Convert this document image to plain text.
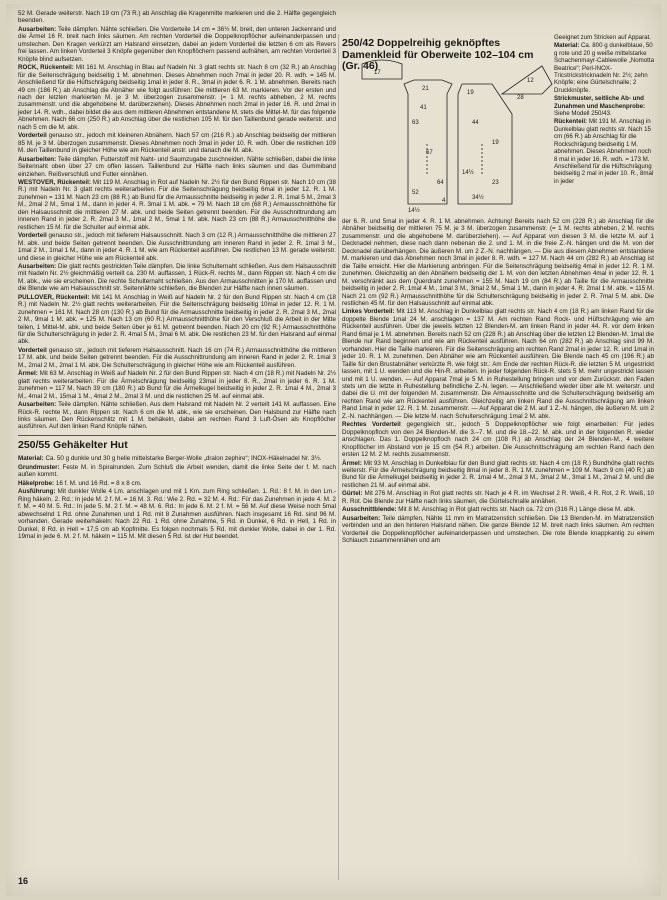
52 M. Gerade weiterstr. Nach 19 cm (73 R.) ab Anschlag die Kragenmitte markieren und die 2. Hälfte gegengleich beenden.

Ausarbeiten: Teile dämpfen. Nähte schließen. Die Vorderteile 14 cm = 36½ M. breit, den unteren Jackenrand und die Ärmel 16 R. breit nach links säumen. Am rechten Vorderteil die Doppelknopflöcher aufeinanderpassen und umstechen. Den Kragen verkürzt am Halsrand einsetzen, dabei an jedem Vorderteil die letzten 6 cm als Revers frei lassen. Am linken Vorderteil 3 Knöpfe gegenüber den Knopflöchern passend aufnähen, am rechten Vorderteil 3 Knöpfe blind aufsetzen.

ROCK, Rückenteil: Mit 161 M. Anschlag in Blau auf Nadeln Nr. 3 glatt rechts str. Nach 8 cm (32 R.) ab Anschlag für die Seitenschrägung beidseitig 1 M. abnehmen. Dieses Abnehmen noch 7mal in jeder 20. R. wdh. = 145 M. Anschließend für die Hüftschrägung beidseitig 1mal in jeder 8. R., 3mal in jeder 6. R. 1 M. abnehmen. Bereits nach 49 cm (186 R.) ab Anschlag die Abnäher wie folgt ausführen: Die mittleren 63 M. markieren. Vor der ersten und nach der letzten markierten M. je 3 M. überzogen zusammenstr. (= 1 M. rechts abheben, 2 M. rechts zusammenstr. und die abgehobene M. darüberziehen). Dieses Abnehmen noch 2mal in jeder 16. R. und 2mal in jeder 14. R. wdh., dabei bildet die aus dem mittleren Abnehmen entstandene M. stets die Mittel-M. für das folgende Abnehmen. Nach 66 cm (250 R.) ab Anschlag über die restlichen 105 M. für den Taillenbund gerade weiterstr. und nach 5 cm die M. abk.

Vorderteil genauso str., jedoch mit kleineren Abnähern. Nach 57 cm (216 R.) ab Anschlag beidseitig der mittleren 85 M. je 3 M. überzogen zusammenstr. Dieses Abnehmen noch 3mal in jeder 10. R. wdh. Über die restlichen 109 M. den Taillenbund in gleicher Höhe wie am Rückenteil anstr. und danach die M. abk.

Ausarbeiten: Teile dämpfen. Futterstoff mit Naht- und Saumzugabe zuschneiden. Nähte schließen, dabei die linke Seitennaht oben über 27 cm offen lassen. Taillenbund zur Hälfte nach links säumen und das Gummiband einziehen. Reißverschluß und Futter einnähen.

WESTOVER, Rückenteil: Mit 119 M. Anschlag in Rot auf Nadeln Nr. 2½ für den Bund Rippen str. Nach 10 cm (38 R.) mit Nadeln Nr. 3 glatt rechts weiterarbeiten. Für die Seitenschrägung beidseitig 6mal in jeder 12. R. 1 M. zunehmen = 131 M. Nach 23 cm (88 R.) ab Bund für die Armausschnitte beidseitig in jeder 2. R. 1mal 5 M., 2mal 3 M., 2mal 2 M., 5mal 1 M., dann in jeder 4. R. 3mal 1 M. abk. = 79 M. Nach 18 cm (68 R.) Armausschnitthöhe für den Halsausschnitt die mittleren 27 M. abk. und beide Seiten getrennt beenden. Für die Ausschnittrundung am inneren Rand in jeder 2. R. 2mal 3 M., 1mal 2 M., 5mal 1 M. abk. Nach 23 cm (88 R.) Armausschnitthöhe die restlichen 15 M. für die Schulter auf einmal abk.

Vorderteil genauso str., jedoch mit tieferem Halsausschnitt. Nach 3 cm (12 R.) Armausschnitthöhe die mittleren 27 M. abk. und beide Seiten getrennt beenden. Die Ausschnittrundung am inneren Rand in jeder 2. R. 1mal 3 M., 1mal 2 M., 1mal 1 M., dann in jeder 4. R. 1 M. wie am Rückenteil ausführen. Die restlichen 13 M. gerade weiterstr. und diese in gleicher Höhe wie am Rückenteil abk.

Ausarbeiten: Die glatt rechts gestrickten Teile dämpfen. Die linke Schulternaht schließen. Aus dem Halsausschnitt mit Nadeln Nr. 2½ gleichmäßig verteilt ca. 230 M. auffassen, 1 Rück-R. rechts M., dann Rippen str. Nach 4 cm die M. abk., wie sie erscheinen. Die rechte Schulternaht schließen. Aus den Armausschnitten je 170 M. auffassen und die Blende wie am Halsausschnitt str. Seitennähte schließen, die Blenden zur Hälfte nach innen säumen.

PULLOVER, Rückenteil: Mit 141 M. Anschlag in Weiß auf Nadeln Nr. 2 für den Bund Rippen str. Nach 4 cm (18 R.) mit Nadeln Nr. 2½ glatt rechts weiterarbeiten. Für die Seitenschrägung beidseitig 10mal in jeder 12. R. 1 M. zunehmen = 161 M. Nach 28 cm (130 R.) ab Bund für die Armausschnitte beidseitig in jeder 2. R. 2mal 3 M., 2mal 2 M., 9mal 1 M. abk. = 125 M. Nach 13 cm (60 R.) Armausschnitthöhe für den Verschluß die Arbeit in der Mitte teilen, 1 Mittel-M. abk. und beide Seiten über je 61 M. getrennt beenden. Nach 20 cm (92 R.) Armausschnitthöhe für die Schulterschrägung in jeder 2. R. 4mal 5 M., 3mal 6 M. abk. Die restlichen 23 M. für den Halsrand auf einmal abk.

Vorderteil genauso str., jedoch mit tieferem Halsausschnitt. Nach 16 cm (74 R.) Armausschnitthöhe die mittleren 17 M. abk. und beide Seiten getrennt beenden. Für die Ausschnittrundung am inneren Rand in jeder 2. R. 1mal 3 M., 2mal 2 M., 2mal 1 M. abk. Die Schulterschrägung in gleicher Höhe wie am Rückenteil ausführen.

Ärmel: Mit 63 M. Anschlag in Weiß auf Nadeln Nr. 2 für den Bund Rippen str. Nach 4 cm (18 R.) mit Nadeln Nr. 2½ glatt rechts weiterarbeiten. Für die Ärmelschrägung beidseitig 23mal in jeder 8. R., 2mal in jeder 6. R. 1 M. zunehmen = 117 M. Nach 39 cm (180 R.) ab Bund für die Ärmelkugel beidseitig in jeder 2. R. 1mal 4 M., 2mal 3 M., 4mal 2 M., 15mal 1 M., 4mal 2 M., 2mal 3 M. und die restlichen 25 M. auf einmal abk.

Ausarbeiten: Teile dämpfen. Nähte schließen. Aus dem Halsrand mit Nadeln Nr. 2 verteilt 141 M. auffassen. Eine Rück-R. rechte M., dann Rippen str. Nach 6 cm die M. abk., wie sie erscheinen. Den Halsbund zur Hälfte nach links säumen. Den Rückenschlitz mit 1 M. behäkeln, dabei am rechten Rand 3 Luft-Ösen als Knopflöcher ausführen. Auf den linken Rand Knöpfe nähen.

250/55 Gehäkelter Hut

Material: Ca. 50 g dunkle und 30 g helle mittelstarke Berger-Wolle „dralon zephire“; INOX-Häkelnadel Nr. 3½.

Grundmuster: Feste M. in Spiralrunden. Zum Schluß die Arbeit wenden, damit die linke Seite der f. M. nach außen kommt.

Häkelprobe: 16 f. M. und 16 Rd. = 8 x 8 cm.

Ausführung: Mit dunkler Wolle 4 Lm. anschlagen und mit 1 Km. zum Ring schließen. 1. Rd.: 8 f. M. in den Lm.-Ring häkeln. 2. Rd.: In jede M. 2 f. M. = 16 M. 3. Rd.: Wie 2. Rd. = 32 M. 4. Rd.: Für das Zunehmen in jede 4. M. 2 f. M. = 40 M. 5. Rd.: In jede 5. M. 2 f. M. = 48 M. 6. Rd.: In jede 6. M. 2 f. M. = 56 M. Auf diese Weise noch 5mal abwechselnd 1 Rd. ohne Zunahmen und 1 Rd. mit 8 Zunahmen ausführen. Nach insgesamt 16 Rd. sind 96 M. vorhanden. Gerade weiterhäkeln: Nach 22 Rd. 1 Rd. ohne Zunahme, 5 Rd. in Dunkel, 6 Rd. in Hell, 1 Rd. in Dunkel, 8 Rd. in Hell = 17,5 cm ab Kopfmitte. Es folgen nochmals 5 Rd. mit dunkler Wolle, dabei in der 1. Rd. 19mal in jede 6. M. 2 f. M. häkeln = 115 M. Mit diesen 5 Rd. ist der Hut beendet.

250/42 Doppelreihig geknöpftes Damenkleid für Oberweite 102–104 cm (Gr. 46)
17
21
41
63
67
52
19
44
19
14½
23
34½
14½
12
28
64
4

Geeignet zum Stricken auf Apparat.

Material: Ca. 800 g dunkelblaue, 50 g rote und 20 g weiße mittelstarke Schachenmayr-Cablewolle „Nomotta Beatrice“; Perl-INOX-Tricstrickstricknadeln Nr. 2½; zehn Knöpfe; eine Gürtelschnalle; 2 Druckknöpfe.

Strickmuster, seitliche Ab- und Zunahmen und Maschenprobe: Siehe Modell 250/43.

Rückenteil: Mit 191 M. Anschlag in Dunkelblau glatt rechts str. Nach 15 cm (66 R.) ab Anschlag für die Rockschrägung beidseitig 1 M. abnehmen. Dieses Abnehmen noch 8 mal in jeder 16. R. wdh. = 173 M. Anschließend für die Hüftschrägung beidseitig 2 mal in jeder 10. R., 8mal in jeder

der 6. R. und 5mal in jeder 4. R. 1 M. abnehmen. Achtung! Bereits nach 52 cm (228 R.) ab Anschlag für die Abnäher beidseitig der mittleren 75 M. je 3 M. überzogen zusammenstr. (= 1 M. rechts abheben, 2 M. rechts zusammenstr. und die abgehobene M. darüberziehen). — Auf Apparat von diesen 3 M. die letzte M. auf 1 Decknadel nehmen, diese nach dann nebenan die 2. und 1. M. in die freie Z.-N. hängen und die M. von der Decknadel darüberhängen. Die äußeren M. um 2 Z.-N. nachhängen. — Die aus diesem Abnehmen entstandene M. markieren und das Abnehmen noch 3mal in jeder 8. R. wdh. = 127 M. Nach 44 cm (282 R.) ab Anschlag ist die Taille erreicht. Hier die Markierung anbringen. Für die Seitenschrägung beidseitig 4mal in jeder 12. R. 1 M. zunehmen. Gleichzeitig an den Abnähern beidseitig der 1. M. von den letzten Abnehmen 4mal in jeder 12. R. 1 M. verschränkt aus dem Querdraht zunehmen = 155 M. Nach 19 cm (84 R.) ab Taille für die Armausschnitte beidseitig in jeder 2. R. 1mal 4 M., 1mal 3 M., 3mal 2 M., 5mal 1 M., dann in jeder 4. R. 2mal 1 M. abk. = 115 M. Nach 21 cm (92 R.) Armausschnitthöhe für die Schulterschrägung beidseitig in jeder 2. R. 7mal 5 M. abk. Die restlichen 45 M. für den Halsausschnitt auf einmal abk.

Linkes Vorderteil: Mit 113 M. Anschlag in Dunkelblau glatt rechts str. Nach 4 cm (18 R.) am linken Rand für die doppelte Blende 1mal 24 M. anschlagen = 137 M. Am rechten Rand Rock- und Hüftschrägung wie am Rückenteil ausführen. Über die jeweils letzten 12 Blenden-M. am linken Rand in jeder 44. R. vor dem linken Rand 6mal je 1 M. abnehmen. Bereits nach 52 cm (228 R.) ab Anschlag über die letzten 12 Blenden-M. 1mal die Blende nur Rand beginnen und wie am Rückenteil ausführen. Nach 64 cm (282 R.) ab Anschlag sind 99 M. vorhanden. Hier die Taille markieren. Für die Seitenschrägung am rechten Rand 2mal in jeder 12. R. und 1mal in jeder 10. R. 1 M. zunehmen. Den Abnäher wie am Rückenteil ausführen. Die Blende nach 45 cm (196 R.) ab Taille für den Brustabnäher verkürzte R. wie folgt str.: Am Ende der rechten Rück-R. die letzten 5 M. ungestrickt lassen, mit 1 U. wenden und die Hin-R. arbeiten. In jeder folgenden Rück-R. stets 5 M. mehr ungestrickt lassen und mit 1 U. wenden. — Auf Apparat 7mal je 5 M. in Ruhestellung bringen und vor dem Zurückstr. den Faden stets um die letzte in Ruhestellung befindliche Z.-N. legen. — Anschließend wieder über alle M. weiterstr. und dabei die U. mit der folgenden M. zusammenstr. Die Armausschnitte und die Schulterschrägung beidseitig am rechten Rand wie am Rückenteil ausführen. Gleichzeitig am linken Rand die Ausschnittschrägung am linken Rand 1mal in jeder 12. R. 1 M. zusammenstr. — Auf Apparat die 2 M. auf 1 Z.-N. hängen, die äußeren M. um 2 Z.-N. nachhängen. — Die letzte M. nach Schulterschrägung 1mal 2 M. abk.

Rechtes Vorderteil gegengleich str., jedoch 5 Doppelknopflöcher wie folgt einarbeiten: Für jedes Doppelknopfloch von den 24 Blenden-M. die 3.–7. M. und die 18.–22. M. abk. und in der folgenden R. wieder anschlagen. Das 1. Doppelknopfloch nach 24 cm (108 R.) ab Anschlag der 24 Blenden-M., 4 weitere Knopflöcher im Abstand von je 15 cm (54 R.) arbeiten. Die Ausschnittschrägung am rechten Rand nach den ersten 12 M. 2 M. rechts zusammenstr.

Ärmel: Mit 93 M. Anschlag in Dunkelblau für den Bund glatt rechts str. Nach 4 cm (18 R.) Bundhöhe glatt rechts weiterstr. Für die Ärmelschrägung beidseitig 8mal in jeder 8. R. 1 M. zunehmen = 109 M. Nach 9 cm (40 R.) ab Bund für die Ärmelkugel beidseitig in jeder 2. R. 1mal 4 M., 2mal 3 M., 3mal 2 M., 3mal 1 M., 2mal 2 M. und die restlichen 21 M. auf einmal abk.

Gürtel: Mit 276 M. Anschlag in Rot glatt rechts str. Nach je 4 R. im Wechsel 2 R. Weiß, 4 R. Rot, 2 R. Weiß, 10 R. Rot. Die Blende zur Hälfte nach links säumen, die Gürtelschnalle annähen.

Ausschnittblende: Mit 8 M. Anschlag in Rot glatt rechts str. Nach ca. 72 cm (316 R.) Länge diese M. abk.

Ausarbeiten: Teile dämpfen, Nähte 11 mm im Matratzenstich schließen. Die 13 Blenden-M. im Matratzenstich verbinden und an den hinteren Halsrand nähen. Die ganze Blende 12 M. breit nach links säumen. Am rechten Vorderteil die Doppelknopflöcher aufeinanderpassen und umstechen. Die rote Blende knappkantig zu einem Schlauch zusammennähen und am

16
